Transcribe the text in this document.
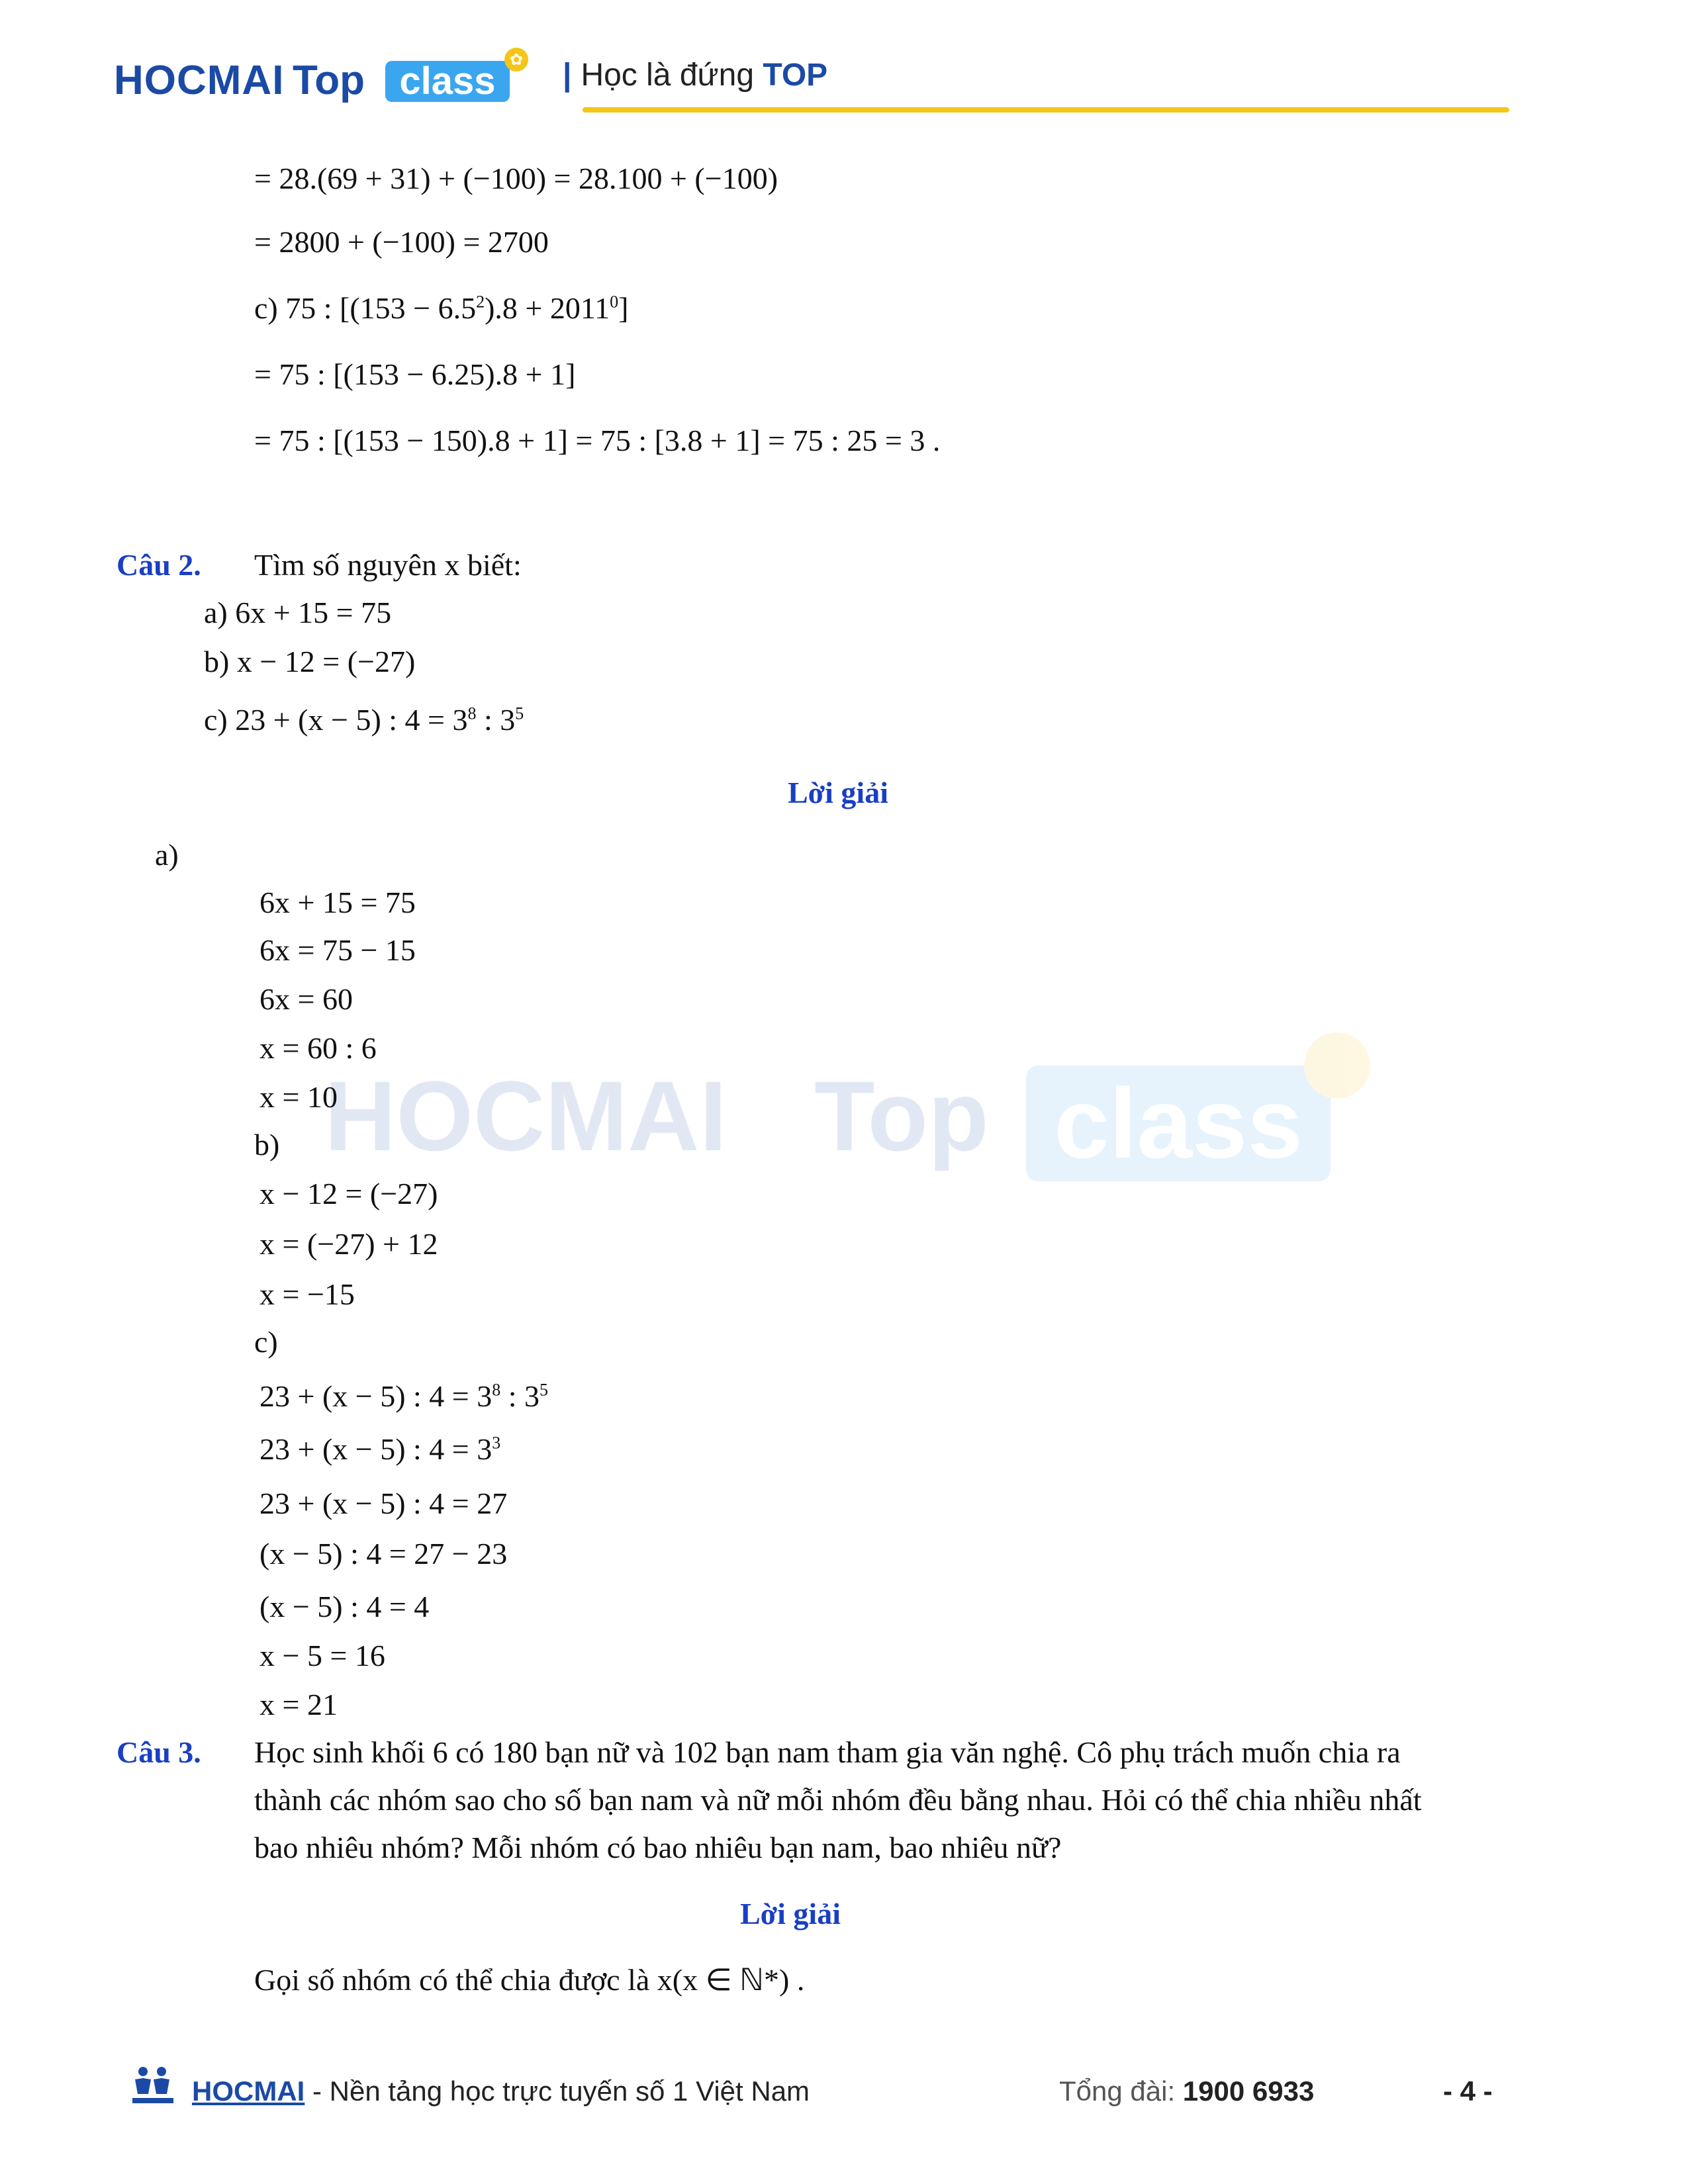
HOCMAI Top class ✿ | Học là đứng TOP
HOCMAI Top class
= 28.(69 + 31) + (−100) = 28.100 + (−100)
= 2800 + (−100) = 2700
c) 75 : $[(153 - 6.5^2).8 + 2011^0]$
= 75 : [(153 − 6.25).8 + 1]
= 75 : [(153 − 150).8 + 1] = 75 : [3.8 + 1] = 75 : 25 = 3 .
Câu 2. Tìm số nguyên x biết:
a) 6x + 15 = 75
b) x − 12 = (−27)
c) 23 + (x − 5) : $4 = 3^8$ : $3^5$
Lời giải
a)
6x + 15 = 75
6x = 75 − 15
6x = 60
x = 60 : 6
x = 10
b)
x − 12 = (−27)
x = (−27) + 12
x = −15
c)
23 + (x − 5) : $4 = 3^8$ : $3^5$
23 + (x − 5) : $4 = 3^3$
23 + (x − 5) : 4 = 27
(x − 5) : 4 = 27 − 23
(x − 5) : 4 = 4
x − 5 = 16
x = 21
Câu 3. Học sinh khối 6 có 180 bạn nữ và 102 bạn nam tham gia văn nghệ. Cô phụ trách muốn chia ra
thành các nhóm sao cho số bạn nam và nữ mỗi nhóm đều bằng nhau. Hỏi có thể chia nhiều nhất
bao nhiêu nhóm? Mỗi nhóm có bao nhiêu bạn nam, bao nhiêu nữ?
Lời giải
Gọi số nhóm có thể chia được là x(x ∈ ℕ*) .
HOCMAI - Nền tảng học trực tuyến số 1 Việt Nam	Tổng đài: 1900 6933	- 4 -
